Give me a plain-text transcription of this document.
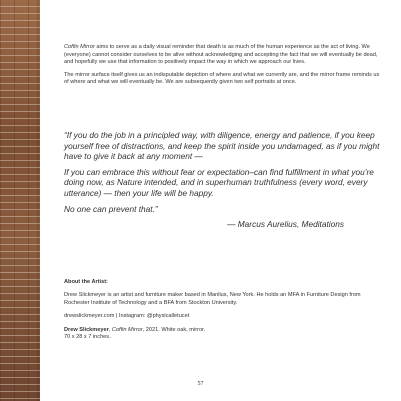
Coffin Mirror aims to serve as a daily visual reminder that death is as much of the human experience as the act of living. We (everyone) cannot consider ourselves to be alive without acknowledging and accepting the fact that we will eventually be dead, and hopefully we use that information to positively impact the way in which we approach our lives.

The mirror surface itself gives us an indisputable depiction of where and what we currently are, and the mirror frame reminds us of where and what we will eventually be. We are subsequently given two self portraits at once.

“If you do the job in a principled way, with diligence, energy and patience, if you keep yourself free of distractions, and keep the spirit inside you undamaged, as if you might have to give it back at any moment —

If you can embrace this without fear or expectation–can find fulfillment in what you’re doing now, as Nature intended, and in superhuman truthfulness (every word, every utterance) — then your life will be happy.

No one can prevent that.”

— Marcus Aurelius, Meditations

About the Artist:

Drew Slickmeyer is an artist and furniture maker based in Manlius, New York. He holds an MFA in Furniture Design from Rochester Institute of Technology and a BFA from Stockton University.

drewslickmeyer.com | Instagram: @physicalletucet

Drew Slickmeyer, Coffin Mirror, 2021. White oak, mirror.
70 x 28 x 7 inches.

57
